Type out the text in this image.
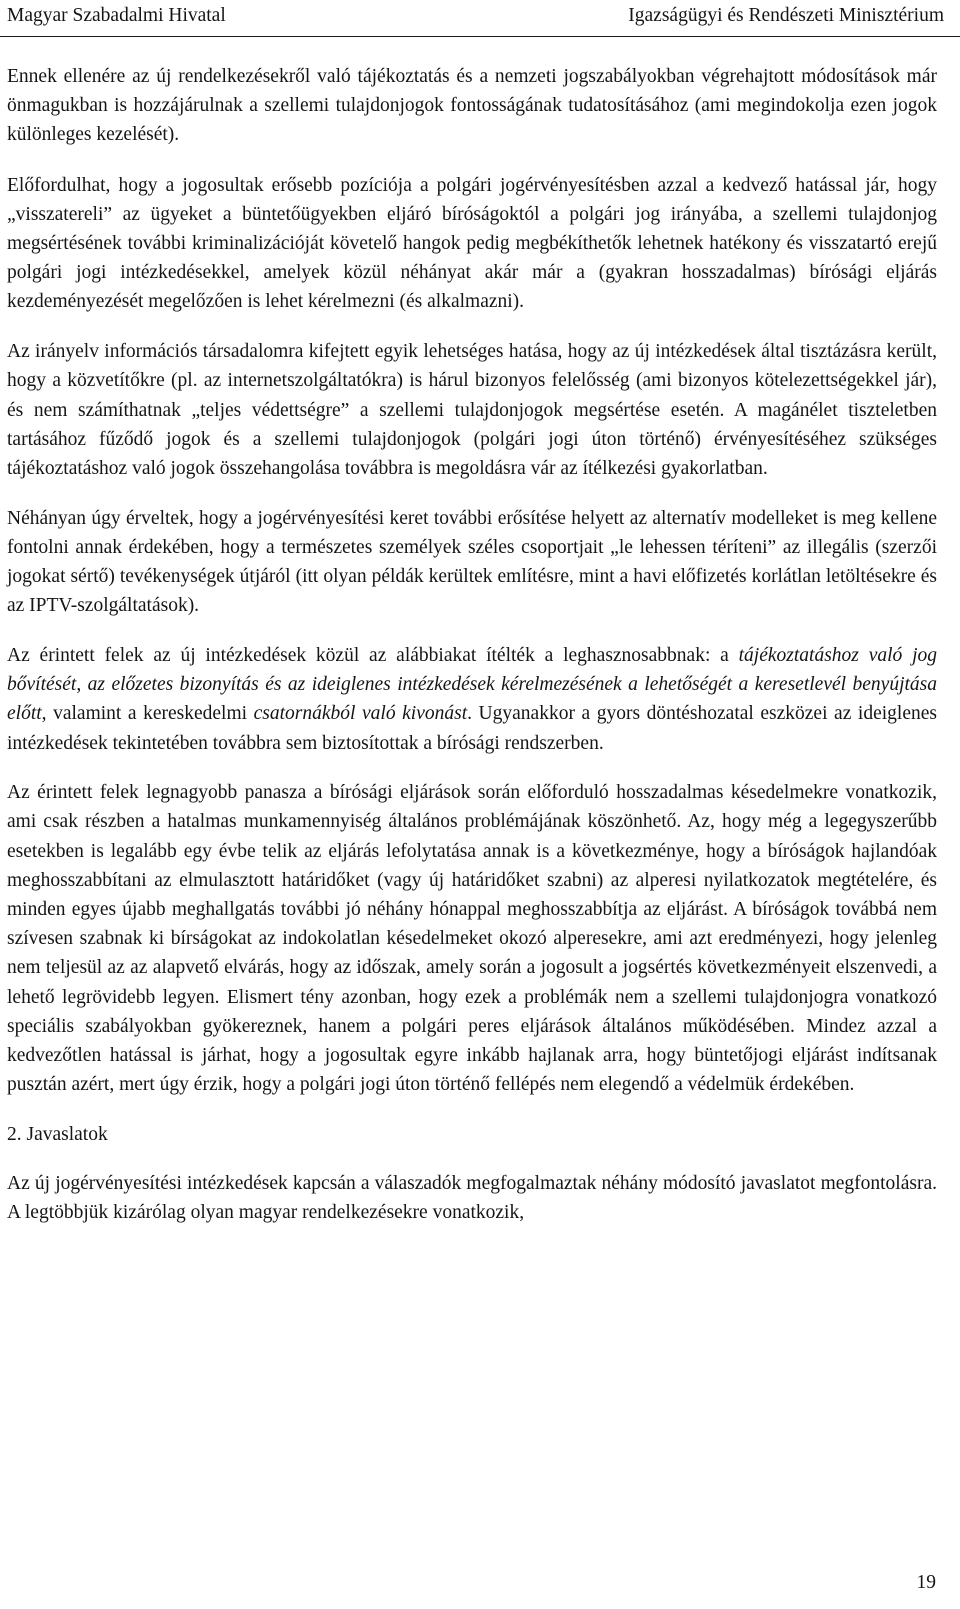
Magyar Szabadalmi Hivatal	Igazságügyi és Rendészeti Minisztérium

Ennek ellenére az új rendelkezésekről való tájékoztatás és a nemzeti jogszabályokban végrehajtott módosítások már önmagukban is hozzájárulnak a szellemi tulajdonjogok fontosságának tudatosításához (ami megindokolja ezen jogok különleges kezelését).

Előfordulhat, hogy a jogosultak erősebb pozíciója a polgári jogérvényesítésben azzal a kedvező hatással jár, hogy „visszatereli” az ügyeket a büntetőügyekben eljáró bíróságoktól a polgári jog irányába, a szellemi tulajdonjog megsértésének további kriminalizációját követelő hangok pedig megbékíthetők lehetnek hatékony és visszatartó erejű polgári jogi intézkedésekkel, amelyek közül néhányat akár már a (gyakran hosszadalmas) bírósági eljárás kezdeményezését megelőzően is lehet kérelmezni (és alkalmazni).

Az irányelv információs társadalomra kifejtett egyik lehetséges hatása, hogy az új intézkedések által tisztázásra került, hogy a közvetítőkre (pl. az internetszolgáltatókra) is hárul bizonyos felelősség (ami bizonyos kötelezettségekkel jár), és nem számíthatnak „teljes védettségre” a szellemi tulajdonjogok megsértése esetén. A magánélet tiszteletben tartásához fűződő jogok és a szellemi tulajdonjogok (polgári jogi úton történő) érvényesítéséhez szükséges tájékoztatáshoz való jogok összehangolása továbbra is megoldásra vár az ítélkezési gyakorlatban.

Néhányan úgy érveltek, hogy a jogérvényesítési keret további erősítése helyett az alternatív modelleket is meg kellene fontolni annak érdekében, hogy a természetes személyek széles csoportjait „le lehessen téríteni” az illegális (szerzői jogokat sértő) tevékenységek útjáról (itt olyan példák kerültek említésre, mint a havi előfizetés korlátlan letöltésekre és az IPTV-szolgáltatások).

Az érintett felek az új intézkedések közül az alábbiakat ítélték a leghasznosabbnak: a tájékoztatáshoz való jog bővítését, az előzetes bizonyítás és az ideiglenes intézkedések kérelmezésének a lehetőségét a keresetlevél benyújtása előtt, valamint a kereskedelmi csatornákból való kivonást. Ugyanakkor a gyors döntéshozatal eszközei az ideiglenes intézkedések tekintetében továbbra sem biztosítottak a bírósági rendszerben.

Az érintett felek legnagyobb panasza a bírósági eljárások során előforduló hosszadalmas késedelmekre vonatkozik, ami csak részben a hatalmas munkamennyiség általános problémájának köszönhető. Az, hogy még a legegyszerűbb esetekben is legalább egy évbe telik az eljárás lefolytatása annak is a következménye, hogy a bíróságok hajlandóak meghosszabbítani az elmulasztott határidőket (vagy új határidőket szabni) az alperesi nyilatkozatok megtételére, és minden egyes újabb meghallgatás további jó néhány hónappal meghosszabbítja az eljárást. A bíróságok továbbá nem szívesen szabnak ki bírságokat az indokolatlan késedelmeket okozó alperesekre, ami azt eredményezi, hogy jelenleg nem teljesül az az alapvető elvárás, hogy az időszak, amely során a jogosult a jogsértés következményeit elszenvedi, a lehető legrövidebb legyen. Elismert tény azonban, hogy ezek a problémák nem a szellemi tulajdonjogra vonatkozó speciális szabályokban gyökereznek, hanem a polgári peres eljárások általános működésében. Mindez azzal a kedvezőtlen hatással is járhat, hogy a jogosultak egyre inkább hajlanak arra, hogy büntetőjogi eljárást indítsanak pusztán azért, mert úgy érzik, hogy a polgári jogi úton történő fellépés nem elegendő a védelmük érdekében.

2. Javaslatok

Az új jogérvényesítési intézkedések kapcsán a válaszadók megfogalmaztak néhány módosító javaslatot megfontolásra. A legtöbbjük kizárólag olyan magyar rendelkezésekre vonatkozik,

19
